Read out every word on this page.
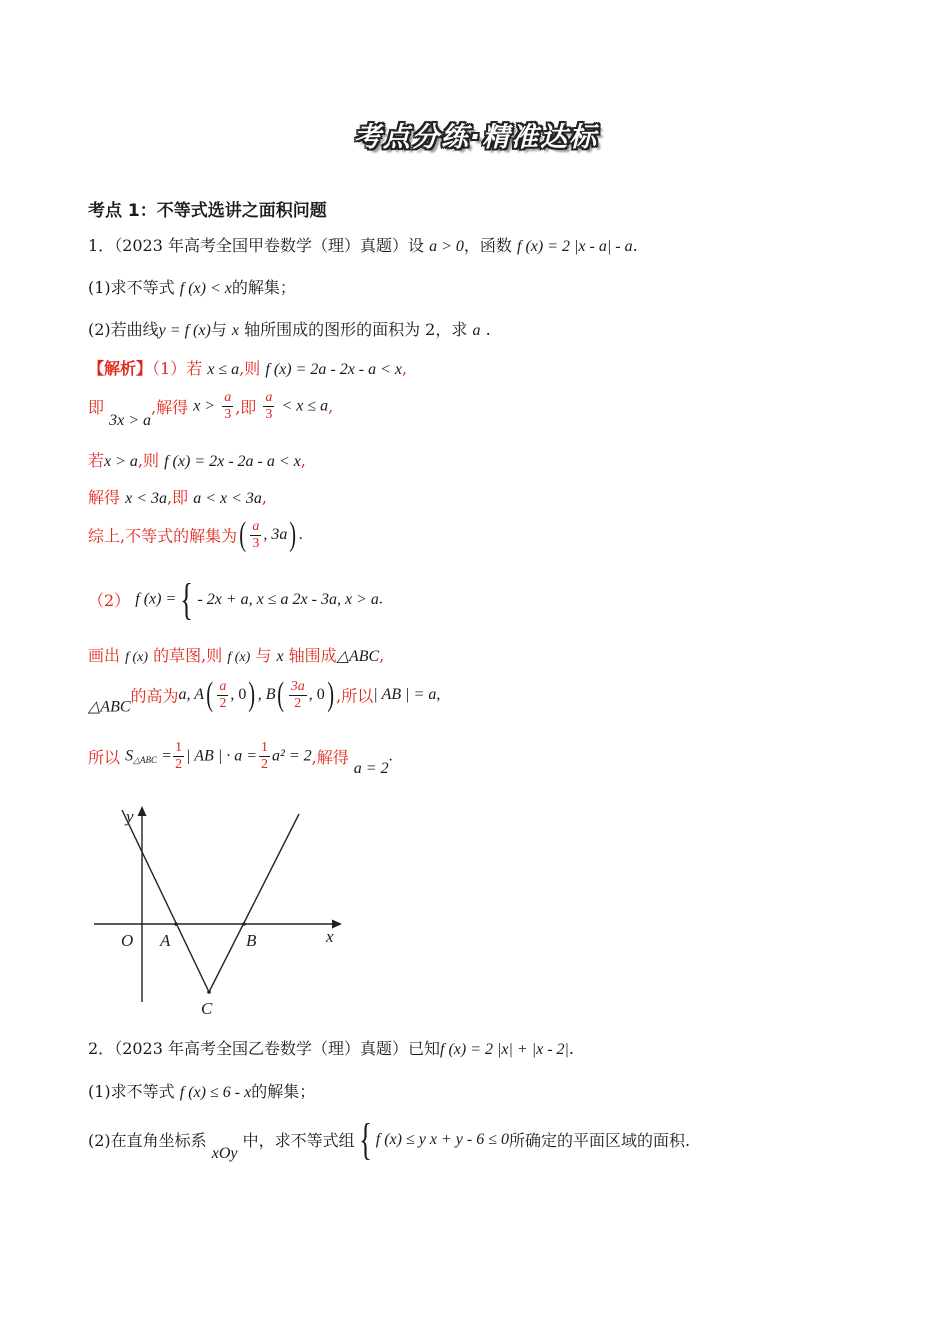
考点分练·精准达标
考点 1：不等式选讲之面积问题
1．（2023 年高考全国甲卷数学（理）真题）设 a > 0，函数 f (x) = 2 |x - a| - a.
(1)求不等式 f (x) < x的解集；
(2)若曲线y = f (x)与 x 轴所围成的图形的面积为 2，求 a .
【解析】（1）若 x ≤ a,则 f (x) = 2a - 2x - a < x,
即 3x > a,解得 $x > \frac{a}{3}$ ,即 $\frac{a}{3} < x \le a$,
若x > a,则 f (x) = 2x - 2a - a < x,
解得 x < 3a,即 a < x < 3a,
综上,不等式的解集为( $\frac{a}{3}$ , 3a) .
（2） f (x) ={ - 2x + a, x ≤ a 2x - 3a, x > a.
画出 f (x) 的草图,则 f (x) 与 x 轴围成△ABC,
△ABC的高为a, $A( \frac{a}{2}$ , 0) , $B( \frac{3a}{2}$ , 0) ,所以| AB | = a,
所以 S△ABC = $\frac{1}{2}$ | AB | · $a = \frac{1}{2} a^2 = 2$,解得 a = 2.
y
x
O A	B
C
2．（2023 年高考全国乙卷数学（理）真题）已知f (x) = 2 |x| + |x - 2|.
(1)求不等式 f (x) ≤ 6 - x的解集；
(2)在直角坐标系 xOy 中，求不等式组{ f (x) ≤ y x + y - 6 ≤ 0所确定的平面区域的面积.
